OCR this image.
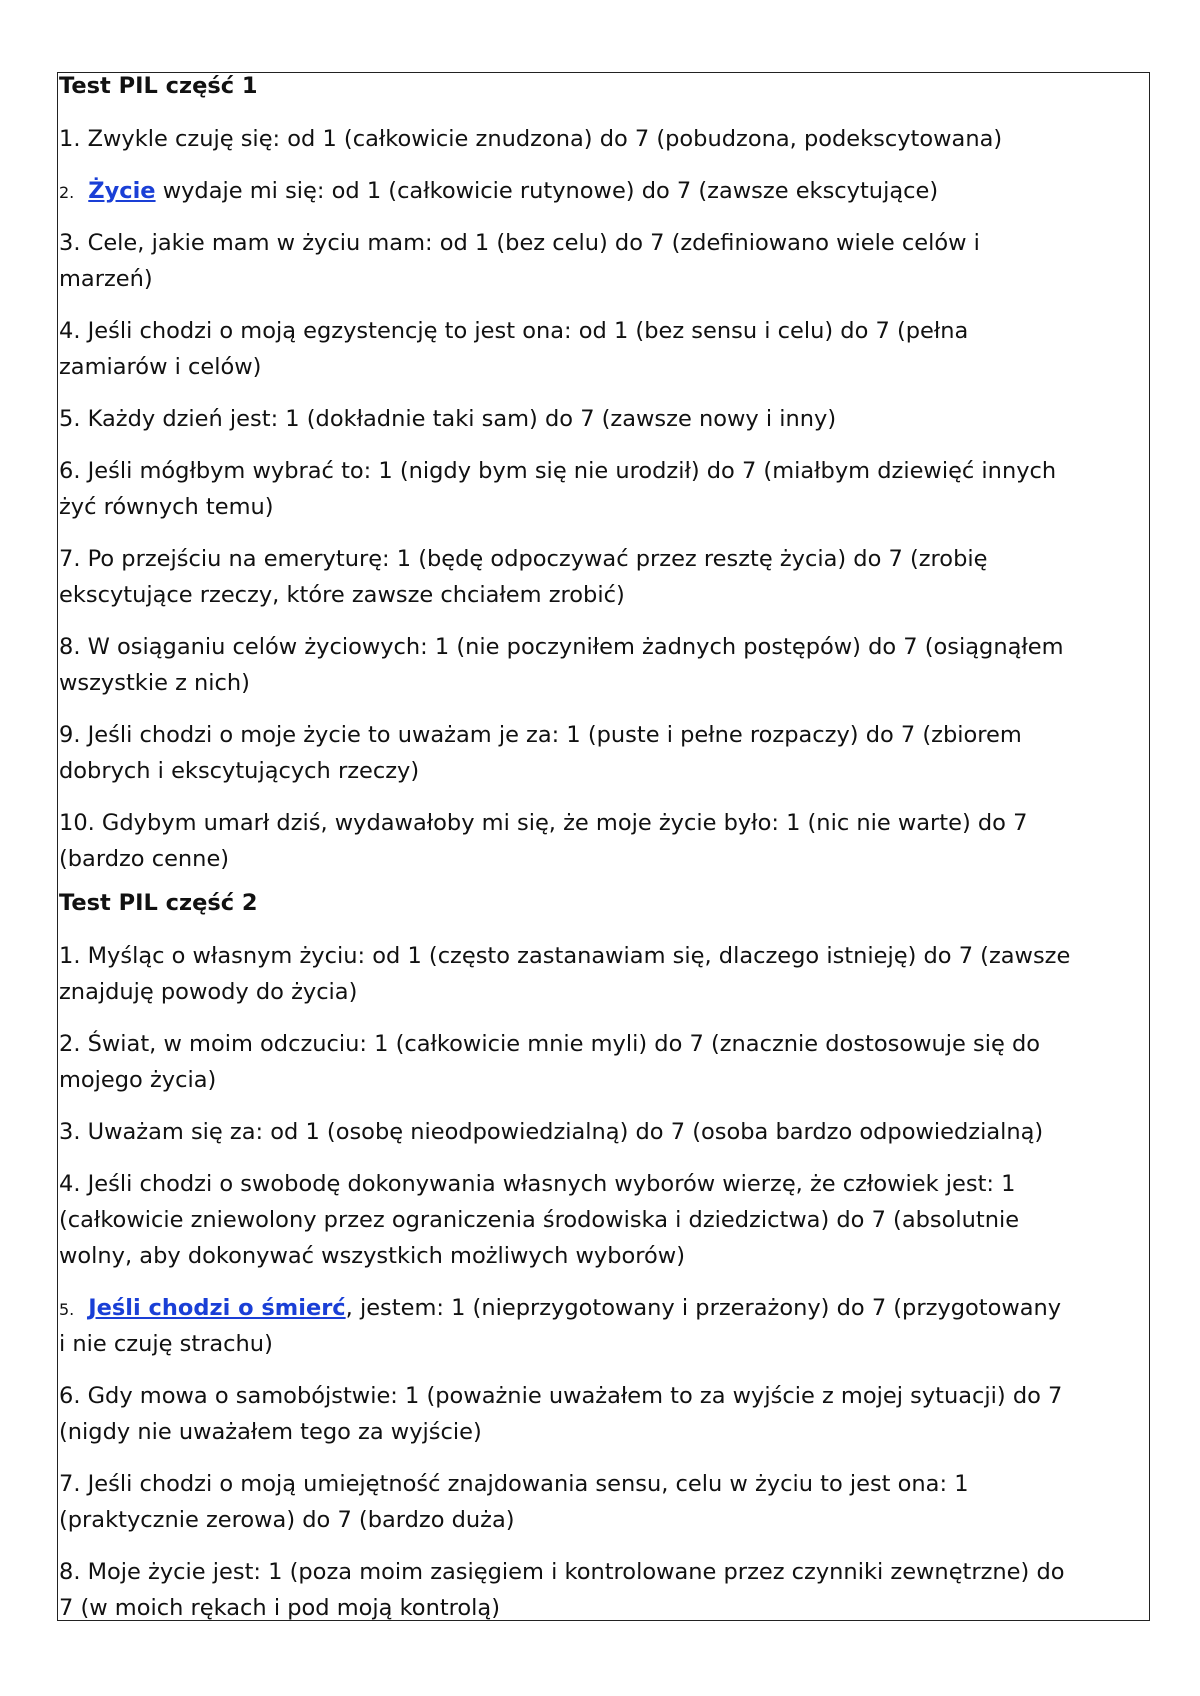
Test PIL część 1
1. Zwykle czuję się: od 1 (całkowicie znudzona) do 7 (pobudzona, podekscytowana)
2. Życie wydaje mi się: od 1 (całkowicie rutynowe) do 7 (zawsze ekscytujące)
3. Cele, jakie mam w życiu mam: od 1 (bez celu) do 7 (zdefiniowano wiele celów i
marzeń)
4. Jeśli chodzi o moją egzystencję to jest ona: od 1 (bez sensu i celu) do 7 (pełna
zamiarów i celów)
5. Każdy dzień jest: 1 (dokładnie taki sam) do 7 (zawsze nowy i inny)
6. Jeśli mógłbym wybrać to: 1 (nigdy bym się nie urodził) do 7 (miałbym dziewięć innych
żyć równych temu)
7. Po przejściu na emeryturę: 1 (będę odpoczywać przez resztę życia) do 7 (zrobię
ekscytujące rzeczy, które zawsze chciałem zrobić)
8. W osiąganiu celów życiowych: 1 (nie poczyniłem żadnych postępów) do 7 (osiągnąłem
wszystkie z nich)
9. Jeśli chodzi o moje życie to uważam je za: 1 (puste i pełne rozpaczy) do 7 (zbiorem
dobrych i ekscytujących rzeczy)
10. Gdybym umarł dziś, wydawałoby mi się, że moje życie było: 1 (nic nie warte) do 7
(bardzo cenne)
Test PIL część 2
1. Myśląc o własnym życiu: od 1 (często zastanawiam się, dlaczego istnieję) do 7 (zawsze
znajduję powody do życia)
2. Świat, w moim odczuciu: 1 (całkowicie mnie myli) do 7 (znacznie dostosowuje się do
mojego życia)
3. Uważam się za: od 1 (osobę nieodpowiedzialną) do 7 (osoba bardzo odpowiedzialną)
4. Jeśli chodzi o swobodę dokonywania własnych wyborów wierzę, że człowiek jest: 1
(całkowicie zniewolony przez ograniczenia środowiska i dziedzictwa) do 7 (absolutnie
wolny, aby dokonywać wszystkich możliwych wyborów)
5. Jeśli chodzi o śmierć, jestem: 1 (nieprzygotowany i przerażony) do 7 (przygotowany
i nie czuję strachu)
6. Gdy mowa o samobójstwie: 1 (poważnie uważałem to za wyjście z mojej sytuacji) do 7
(nigdy nie uważałem tego za wyjście)
7. Jeśli chodzi o moją umiejętność znajdowania sensu, celu w życiu to jest ona: 1
(praktycznie zerowa) do 7 (bardzo duża)
8. Moje życie jest: 1 (poza moim zasięgiem i kontrolowane przez czynniki zewnętrzne) do
7 (w moich rękach i pod moją kontrolą)
